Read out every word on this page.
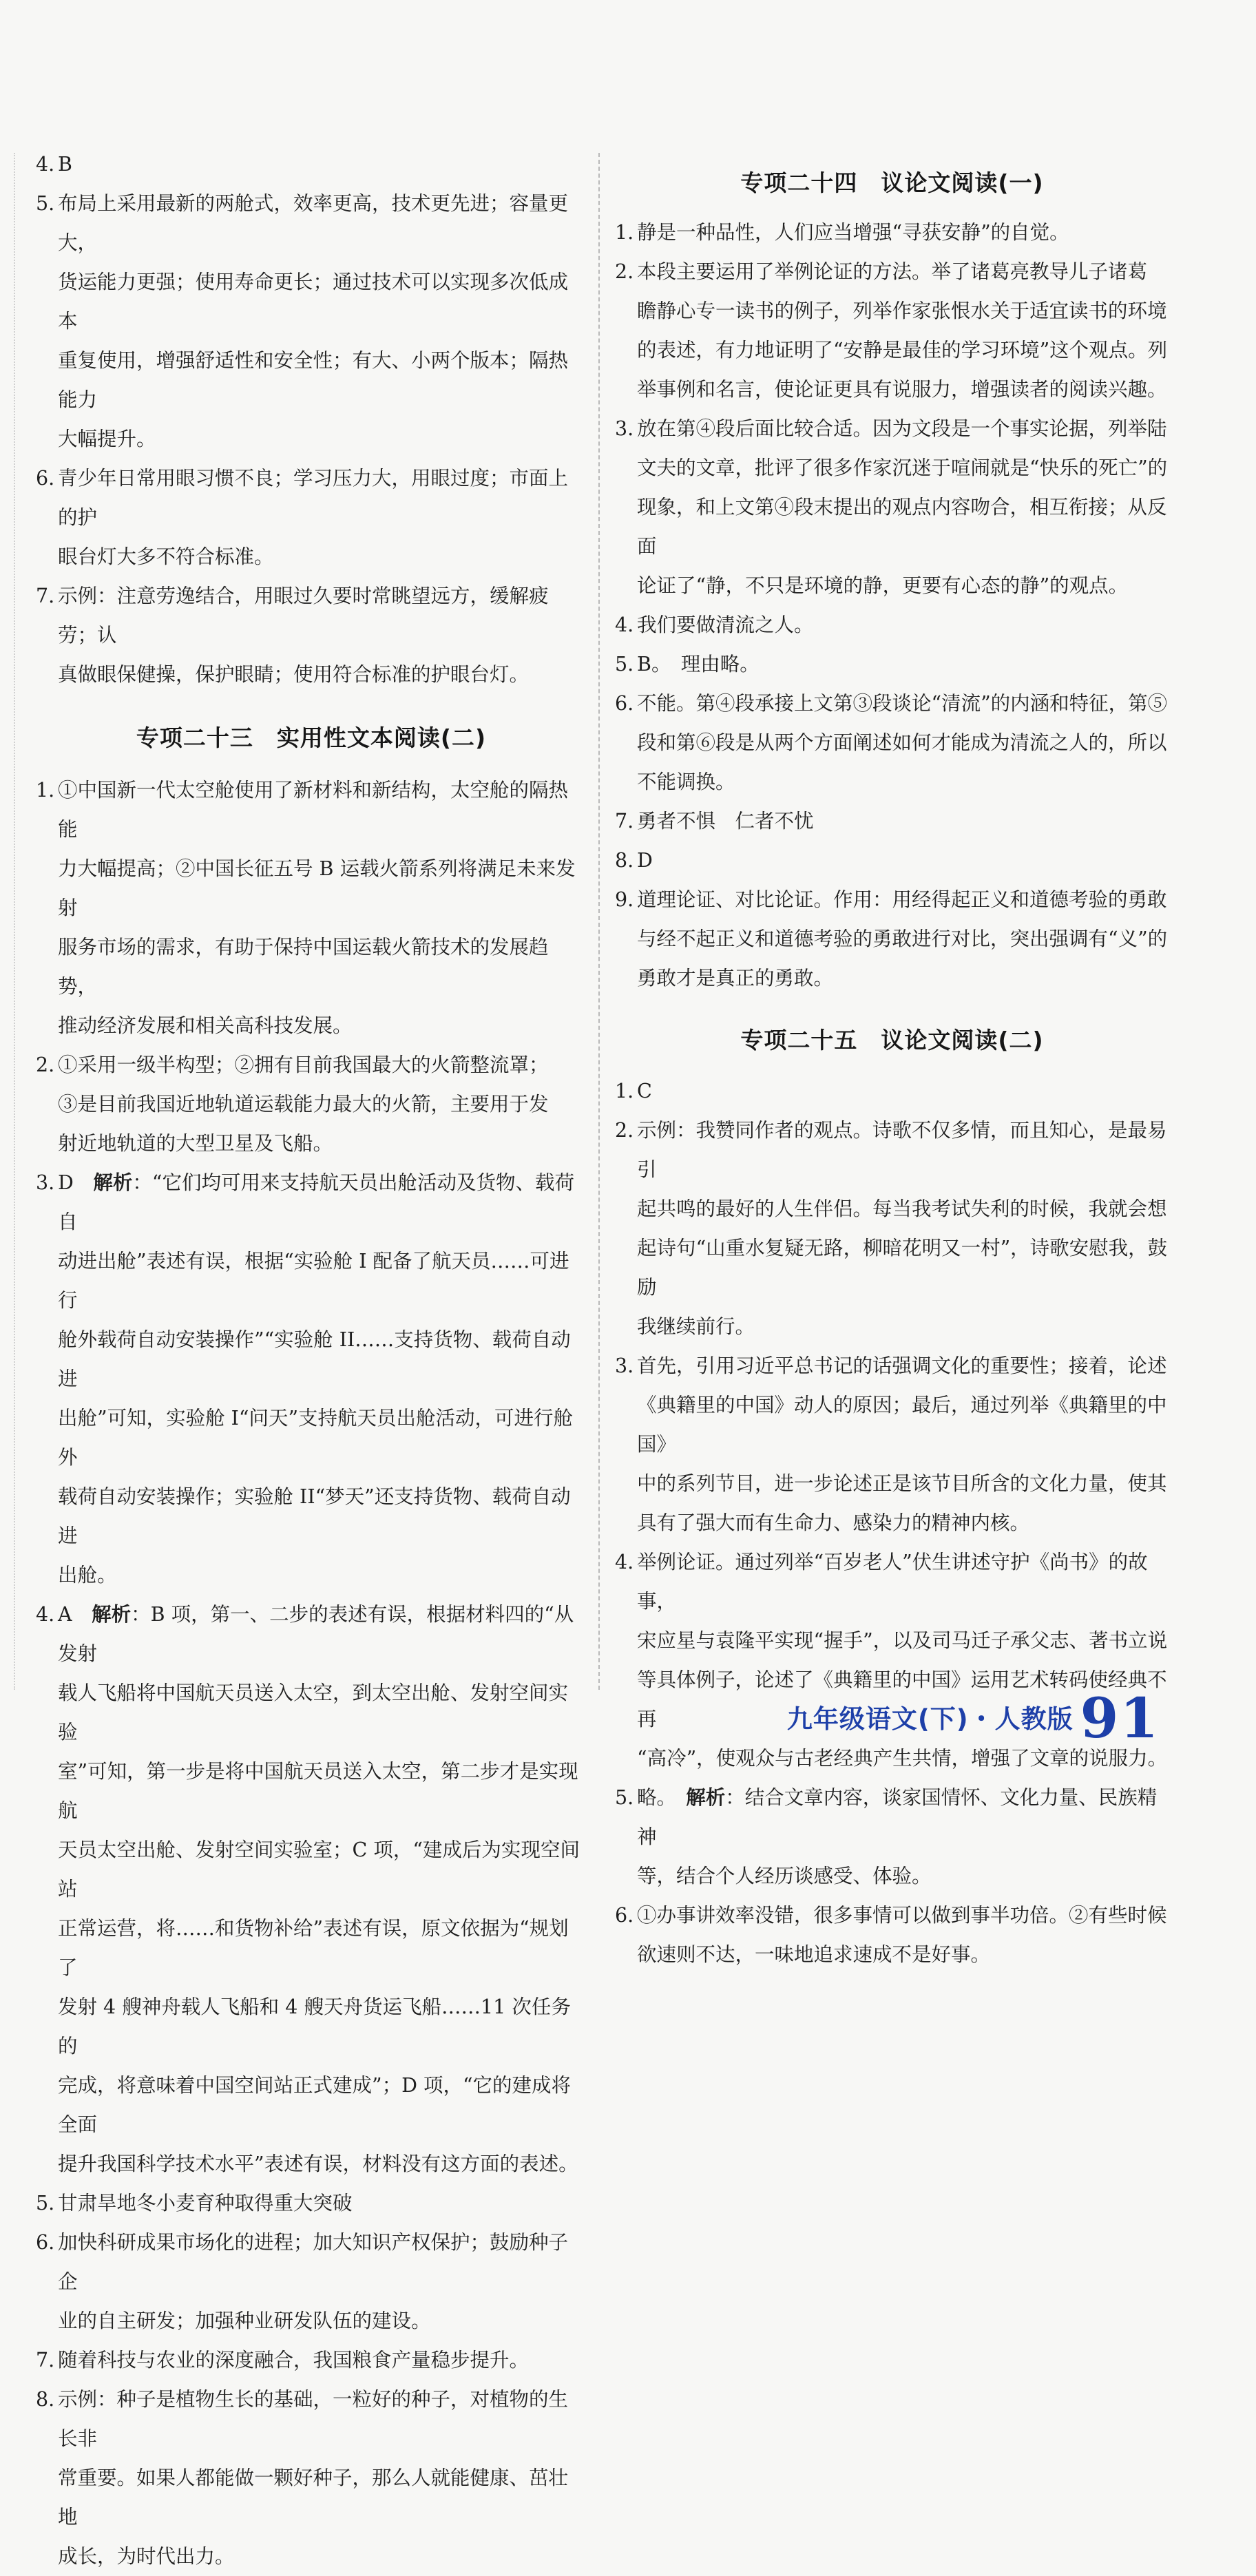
4. B

5. 布局上采用最新的两舱式，效率更高，技术更先进；容量更大，
货运能力更强；使用寿命更长；通过技术可以实现多次低成本
重复使用，增强舒适性和安全性；有大、小两个版本；隔热能力
大幅提升。

6. 青少年日常用眼习惯不良；学习压力大，用眼过度；市面上的护
眼台灯大多不符合标准。

7. 示例：注意劳逸结合，用眼过久要时常眺望远方，缓解疲劳；认
真做眼保健操，保护眼睛；使用符合标准的护眼台灯。

专项二十三 实用性文本阅读(二)

1. ①中国新一代太空舱使用了新材料和新结构，太空舱的隔热能
力大幅提高；②中国长征五号 B 运载火箭系列将满足未来发射
服务市场的需求，有助于保持中国运载火箭技术的发展趋势，
推动经济发展和相关高科技发展。

2. ①采用一级半构型；②拥有目前我国最大的火箭整流罩；
③是目前我国近地轨道运载能力最大的火箭，主要用于发
射近地轨道的大型卫星及飞船。

3. D　 解析：“它们均可用来支持航天员出舱活动及货物、载荷自
动进出舱”表述有误，根据“实验舱 I 配备了航天员……可进行
舱外载荷自动安装操作”“实验舱 II……支持货物、载荷自动进
出舱”可知，实验舱 I“问天”支持航天员出舱活动，可进行舱外
载荷自动安装操作；实验舱 II“梦天”还支持货物、载荷自动进
出舱。

4. A　 解析：B 项，第一、二步的表述有误，根据材料四的“从发射
载人飞船将中国航天员送入太空，到太空出舱、发射空间实验
室”可知，第一步是将中国航天员送入太空，第二步才是实现航
天员太空出舱、发射空间实验室；C 项，“建成后为实现空间站
正常运营，将……和货物补给”表述有误，原文依据为“规划了
发射 4 艘神舟载人飞船和 4 艘天舟货运飞船……11 次任务的
完成，将意味着中国空间站正式建成”；D 项，“它的建成将全面
提升我国科学技术水平”表述有误，材料没有这方面的表述。

5. 甘肃旱地冬小麦育种取得重大突破

6. 加快科研成果市场化的进程；加大知识产权保护；鼓励种子企
业的自主研发；加强种业研发队伍的建设。

7. 随着科技与农业的深度融合，我国粮食产量稳步提升。

8. 示例：种子是植物生长的基础，一粒好的种子，对植物的生长非
常重要。如果人都能做一颗好种子，那么人就能健康、茁壮地
成长，为时代出力。

专项二十四 议论文阅读(一)

1. 静是一种品性，人们应当增强“寻获安静”的自觉。

2. 本段主要运用了举例论证的方法。举了诸葛亮教导儿子诸葛
瞻静心专一读书的例子，列举作家张恨水关于适宜读书的环境
的表述，有力地证明了“安静是最佳的学习环境”这个观点。列
举事例和名言，使论证更具有说服力，增强读者的阅读兴趣。

3. 放在第④段后面比较合适。因为文段是一个事实论据，列举陆
文夫的文章，批评了很多作家沉迷于喧闹就是“快乐的死亡”的
现象，和上文第④段末提出的观点内容吻合，相互衔接；从反面
论证了“静，不只是环境的静，更要有心态的静”的观点。

4. 我们要做清流之人。

5. B。　理由略。

6. 不能。第④段承接上文第③段谈论“清流”的内涵和特征，第⑤
段和第⑥段是从两个方面阐述如何才能成为清流之人的，所以
不能调换。

7. 勇者不惧　仁者不忧

8. D

9. 道理论证、对比论证。作用：用经得起正义和道德考验的勇敢
与经不起正义和道德考验的勇敢进行对比，突出强调有“义”的
勇敢才是真正的勇敢。

专项二十五 议论文阅读(二)

1. C

2. 示例：我赞同作者的观点。诗歌不仅多情，而且知心，是最易引
起共鸣的最好的人生伴侣。每当我考试失利的时候，我就会想
起诗句“山重水复疑无路，柳暗花明又一村”，诗歌安慰我，鼓励
我继续前行。

3. 首先，引用习近平总书记的话强调文化的重要性；接着，论述
《典籍里的中国》动人的原因；最后，通过列举《典籍里的中国》
中的系列节目，进一步论述正是该节目所含的文化力量，使其
具有了强大而有生命力、感染力的精神内核。

4. 举例论证。通过列举“百岁老人”伏生讲述守护《尚书》的故事，
宋应星与袁隆平实现“握手”，以及司马迁子承父志、著书立说
等具体例子，论述了《典籍里的中国》运用艺术转码使经典不再
“高冷”，使观众与古老经典产生共情，增强了文章的说服力。

5. 略。　 解析：结合文章内容，谈家国情怀、文化力量、民族精神
等，结合个人经历谈感受、体验。

6. ①办事讲效率没错，很多事情可以做到事半功倍。②有些时候
欲速则不达，一味地追求速成不是好事。

九年级语文(下)・人教版 91
